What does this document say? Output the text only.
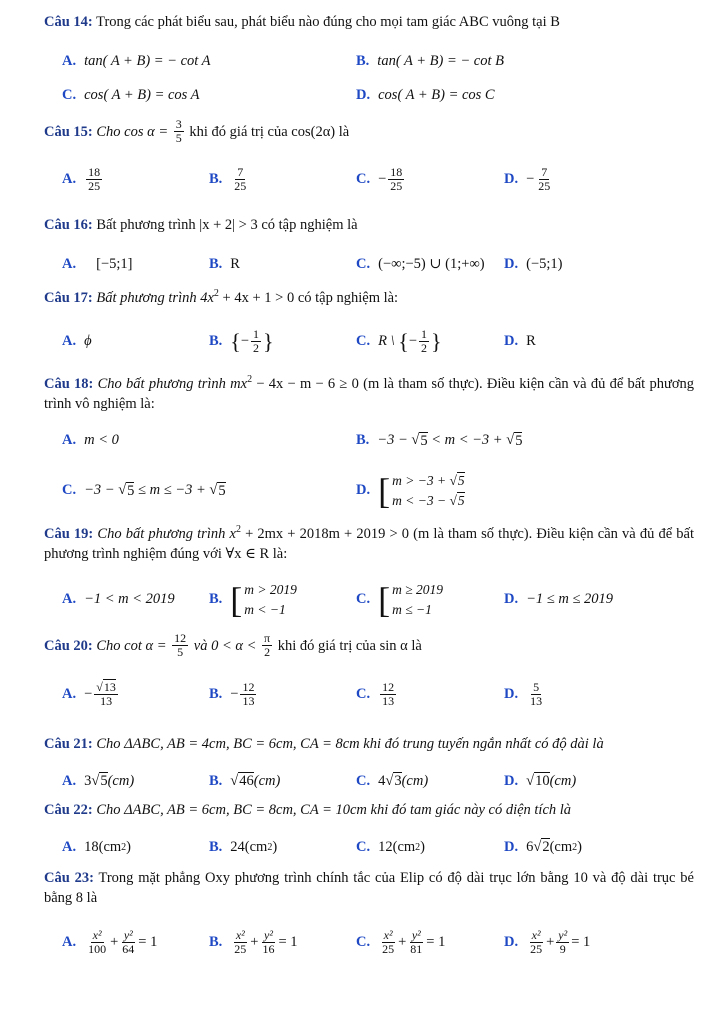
Câu 14: Trong các phát biểu sau, phát biểu nào đúng cho mọi tam giác ABC vuông tại B
A. tan( A + B) = − cot A	B. tan( A + B) = − cot B
C. cos( A + B) = cos A	D. cos( A + B) = cos C
Câu 15: Cho $\cos \alpha = \frac{3}{5}$ khi đó giá trị của cos(2α) là
A. $\frac{18}{25}$	B. $\frac{7}{25}$	C. − $\frac{18}{25}$	D. − $\frac{7}{25}$
Câu 16: Bất phương trình |x + 2| > 3 có tập nghiệm là
A. [−5;1]	B. R	C. (−∞;−5) ∪ (1;+∞) D. (−5;1)
Câu 17: Bất phương trình $4x^2 + 4x + 1 > 0$ có tập nghiệm là:
A. ϕ	B. { − $\frac{1}{2}$ }	C. R \ { − $\frac{1}{2}$ }	D. R
Câu 18: Cho bất phương trình $mx^2 - 4x - m - 6 \ge 0$ (m là tham số thực). Điều kiện cần và đủ để bất phương trình vô nghiệm là:
A. m < 0	B. −3 − √ 5 < m < −3 + √ 5
C. −3 − √ 5 ≤ m ≤ −3 + √ 5	D. [ m > −3 + √5
m < −3 − √5
Câu 19: Cho bất phương trình $x^2 + 2mx + 2018m + 2019 > 0$ (m là tham số thực). Điều kiện cần và đủ để bất phương trình nghiệm đúng với ∀x ∈ R là:
A. −1 < m < 2019 B. [ m > 2019
m < −1
C. [ m ≥ 2019
m ≤ −1
D. −1 ≤ m ≤ 2019
Câu 20: Cho $\cot \alpha = \frac{12}{5}$ và $0 < \alpha < \frac{\pi}{2}$ khi đó giá trị của sin α là
A. − $\frac{√13}{13}$	B. − $\frac{12}{13}$	C. $\frac{12}{13}$	D. $\frac{5}{13}$
Câu 21: Cho ΔABC, AB = 4cm, BC = 6cm, CA = 8cm khi đó trung tuyến ngắn nhất có độ dài là
A. 3 √ 5 (cm)	B. √ 46 (cm)	C. 4 √ 3 (cm)	D. √ 10 (cm)
Câu 22: Cho ΔABC, AB = 6cm, BC = 8cm, CA = 10cm khi đó tam giác này có diện tích là
A. 18(cm 2 )	B. 24(cm 2 )	C. 12(cm 2 )	D. 6 √ 2 (cm 2 )
Câu 23: Trong mặt phẳng Oxy phương trình chính tắc của Elip có độ dài trục lớn bằng 10 và độ dài trục bé bằng 8 là
A. $\frac{\text{x²}}{100} + \frac{\text{y²}}{64} = 1$	B. $\frac{\text{x²}}{25} + \frac{\text{y²}}{16} = 1$	C. $\frac{\text{x²}}{25} + \frac{\text{y²}}{81} = 1$	D. $\frac{\text{x²}}{25} + \frac{\text{y²}}{9} = 1$
